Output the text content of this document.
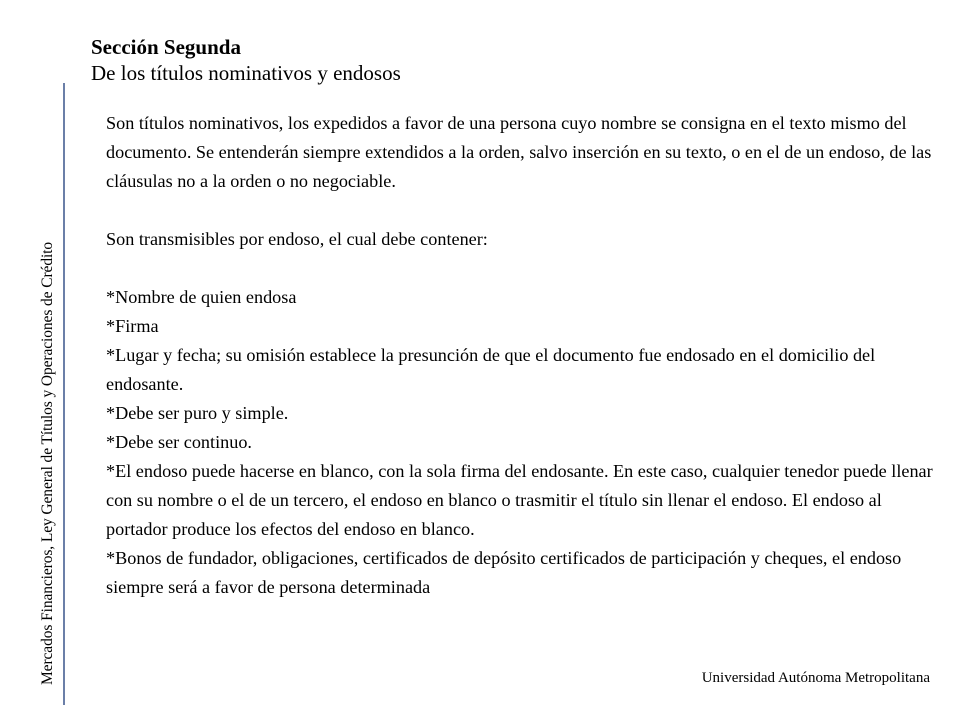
Mercados Financieros, Ley General de Títulos y Operaciones de Crédito

Sección Segunda

De los títulos nominativos y endosos

Son títulos nominativos, los expedidos a favor de una persona cuyo nombre se consigna en el texto mismo del documento. Se entenderán siempre extendidos a la orden, salvo inserción en su texto, o en el de un endoso, de las cláusulas no a la orden o no negociable.

Son transmisibles por endoso, el cual debe contener:

*Nombre de quien endosa

*Firma

*Lugar y fecha; su omisión establece la presunción de que el documento fue endosado en el domicilio del endosante.

*Debe ser puro y simple.

*Debe ser continuo.

*El endoso puede hacerse en blanco, con la sola firma del endosante. En este caso, cualquier tenedor puede llenar con su nombre o el de un tercero, el endoso en blanco o trasmitir el título sin llenar el endoso. El endoso al portador produce los efectos del endoso en blanco.

*Bonos de fundador, obligaciones, certificados de depósito certificados de participación y cheques, el endoso siempre será a favor de persona determinada

Universidad Autónoma Metropolitana
